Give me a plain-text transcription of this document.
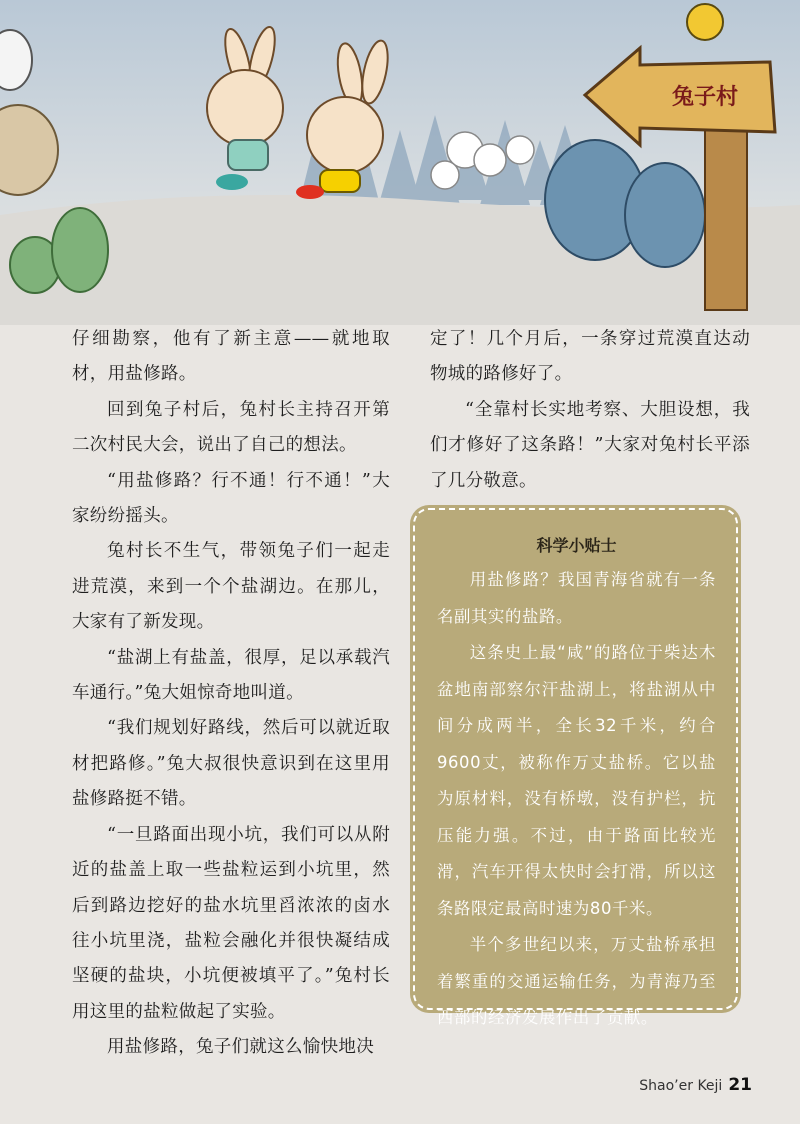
兔子村

仔细勘察，他有了新主意——就地取材，用盐修路。

回到兔子村后，兔村长主持召开第二次村民大会，说出了自己的想法。

“用盐修路？行不通！行不通！”大家纷纷摇头。

兔村长不生气，带领兔子们一起走进荒漠，来到一个个盐湖边。在那儿，大家有了新发现。

“盐湖上有盐盖，很厚，足以承载汽车通行。”兔大姐惊奇地叫道。

“我们规划好路线，然后可以就近取材把路修。”兔大叔很快意识到在这里用盐修路挺不错。

“一旦路面出现小坑，我们可以从附近的盐盖上取一些盐粒运到小坑里，然后到路边挖好的盐水坑里舀浓浓的卤水往小坑里浇，盐粒会融化并很快凝结成坚硬的盐块，小坑便被填平了。”兔村长用这里的盐粒做起了实验。

用盐修路，兔子们就这么愉快地决

定了！几个月后，一条穿过荒漠直达动物城的路修好了。

“全靠村长实地考察、大胆设想，我们才修好了这条路！”大家对兔村长平添了几分敬意。

科学小贴士

用盐修路？我国青海省就有一条名副其实的盐路。

这条史上最“咸”的路位于柴达木盆地南部察尔汗盐湖上，将盐湖从中间分成两半，全长32千米，约合9600丈，被称作万丈盐桥。它以盐为原材料，没有桥墩，没有护栏，抗压能力强。不过，由于路面比较光滑，汽车开得太快时会打滑，所以这条路限定最高时速为80千米。

半个多世纪以来，万丈盐桥承担着繁重的交通运输任务，为青海乃至西部的经济发展作出了贡献。

Shao’er Keji 21
